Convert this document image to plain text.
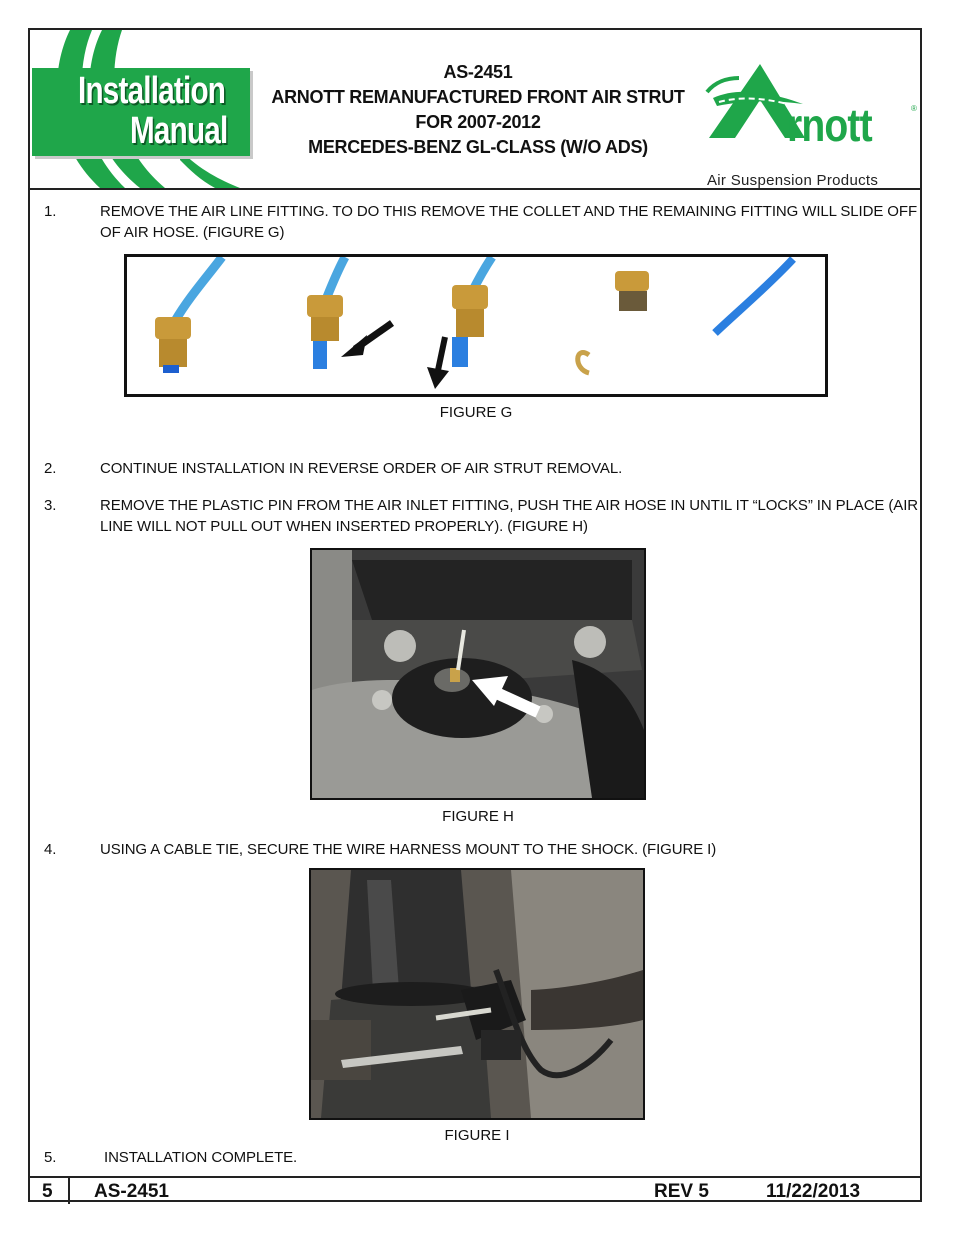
Installation
Manual
AS-2451
ARNOTT REMANUFACTURED FRONT AIR STRUT
FOR 2007-2012
MERCEDES-BENZ GL-CLASS (W/O ADS)	rnott	®
Air Suspension Products
1.	REMOVE THE AIR LINE FITTING. TO DO THIS REMOVE THE COLLET AND THE REMAINING FITTING WILL SLIDE OFF OF AIR HOSE. (FIGURE G)
FIGURE G
2.	CONTINUE INSTALLATION IN REVERSE ORDER OF AIR STRUT REMOVAL.
3.	REMOVE THE PLASTIC PIN FROM THE AIR INLET FITTING, PUSH THE AIR HOSE IN UNTIL IT “LOCKS” IN PLACE (AIR LINE WILL NOT PULL OUT WHEN INSERTED PROPERLY). (FIGURE H)
FIGURE H
4.	USING A CABLE TIE, SECURE THE WIRE HARNESS MOUNT TO THE SHOCK. (FIGURE I)
FIGURE I
5.	INSTALLATION COMPLETE.
5 AS-2451	REV 5	11/22/2013
